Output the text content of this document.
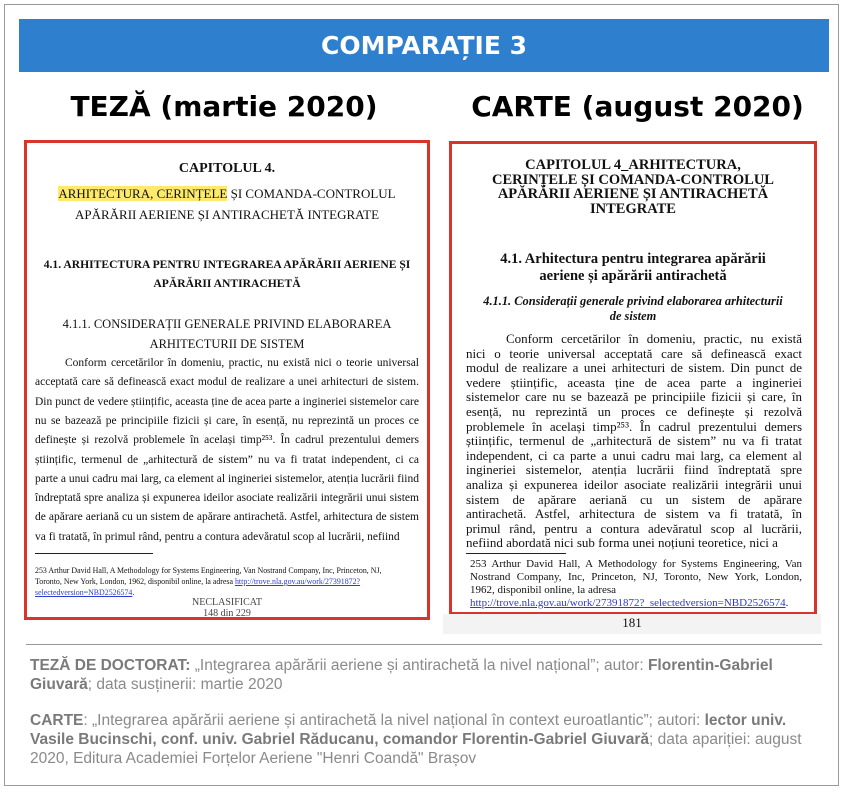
COMPARAȚIE 3
TEZĂ (martie 2020)	CARTE (august 2020)
CAPITOLUL 4.
ARHITECTURA, CERINȚELE ȘI COMANDA-CONTROLUL
APĂRĂRII AERIENE ȘI ANTIRACHETĂ INTEGRATE
4.1. ARHITECTURA PENTRU INTEGRAREA APĂRĂRII AERIENE ȘI
APĂRĂRII ANTIRACHETĂ
4.1.1. CONSIDERAȚII GENERALE PRIVIND ELABORAREA
ARHITECTURII DE SISTEM
Conform cercetărilor în domeniu, practic, nu există nici o teorie universal
acceptată care să definească exact modul de realizare a unei arhitecturi de sistem.
Din punct de vedere științific, aceasta ține de acea parte a ingineriei sistemelor care
nu se bazează pe principiile fizicii și care, în esență, nu reprezintă un proces ce
definește și rezolvă problemele în același timp²⁵³. În cadrul prezentului demers
științific, termenul de „arhitectură de sistem” nu va fi tratat independent, ci ca
parte a unui cadru mai larg, ca element al ingineriei sistemelor, atenția lucrării fiind
îndreptată spre analiza și expunerea ideilor asociate realizării integrării unui sistem
de apărare aeriană cu un sistem de apărare antirachetă. Astfel, arhitectura de sistem
va fi tratată, în primul rând, pentru a contura adevăratul scop al lucrării, nefiind
253 Arthur David Hall, A Methodology for Systems Engineering, Van Nostrand Company, Inc, Princeton, NJ,
Toronto, New York, London, 1962, disponibil online, la adresa http://trove.nla.gov.au/work/27391872?
selectedversion=NBD2526574.
NECLASIFICAT
148 din 229
CAPITOLUL 4_ARHITECTURA,
CERINȚELE ȘI COMANDA-CONTROLUL
APĂRĂRII AERIENE ȘI ANTIRACHETĂ
INTEGRATE
4.1. Arhitectura pentru integrarea apărării
aeriene și apărării antirachetă
4.1.1. Considerații generale privind elaborarea arhitecturii
de sistem
Conform cercetărilor în domeniu, practic, nu există
nici o teorie universal acceptată care să definească exact
modul de realizare a unei arhitecturi de sistem. Din punct de
vedere științific, aceasta ține de acea parte a ingineriei
sistemelor care nu se bazează pe principiile fizicii și care, în
esență, nu reprezintă un proces ce definește și rezolvă
problemele în același timp²⁵³. În cadrul prezentului demers
științific, termenul de „arhitectură de sistem” nu va fi tratat
independent, ci ca parte a unui cadru mai larg, ca element al
ingineriei sistemelor, atenția lucrării fiind îndreptată spre
analiza și expunerea ideilor asociate realizării integrării unui
sistem de apărare aeriană cu un sistem de apărare
antirachetă. Astfel, arhitectura de sistem va fi tratată, în
primul rând, pentru a contura adevăratul scop al lucrării,
nefiind abordată nici sub forma unei noțiuni teoretice, nici a
253 Arthur David Hall, A Methodology for Systems Engineering, Van
Nostrand Company, Inc, Princeton, NJ, Toronto, New York, London,
1962, disponibil online, la adresa
http://trove.nla.gov.au/work/27391872?_selectedversion=NBD2526574.
181
TEZĂ DE DOCTORAT: „Integrarea apărării aeriene și antirachetă la nivel național”; autor: Florentin-Gabriel Giuvară; data susținerii: martie 2020
CARTE: „Integrarea apărării aeriene și antirachetă la nivel național în context euroatlantic”; autori: lector univ. Vasile Bucinschi, conf. univ. Gabriel Răducanu, comandor Florentin-Gabriel Giuvară; data apariției: august 2020, Editura Academiei Forțelor Aeriene "Henri Coandă" Brașov
